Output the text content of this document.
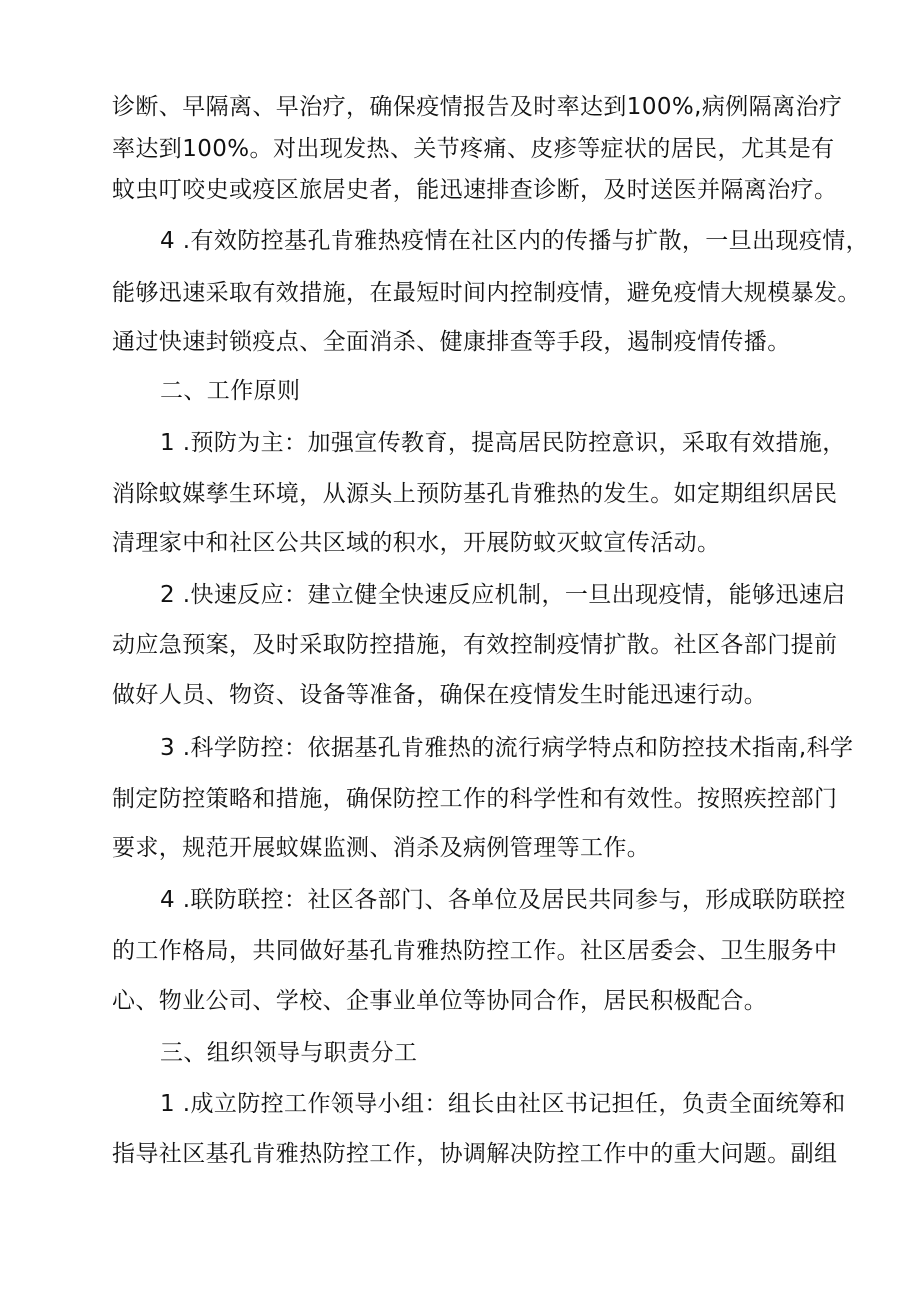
诊断、早隔离、早治疗，确保疫情报告及时率达到100%,病例隔离治疗
率达到100%。对出现发热、关节疼痛、皮疹等症状的居民，尤其是有
蚊虫叮咬史或疫区旅居史者，能迅速排查诊断，及时送医并隔离治疗。
4 .有效防控基孔肯雅热疫情在社区内的传播与扩散，一旦出现疫情，
能够迅速采取有效措施，在最短时间内控制疫情，避免疫情大规模暴发。
通过快速封锁疫点、全面消杀、健康排查等手段，遏制疫情传播。
二、工作原则
1 .预防为主：加强宣传教育，提高居民防控意识，采取有效措施，
消除蚊媒孳生环境，从源头上预防基孔肯雅热的发生。如定期组织居民
清理家中和社区公共区域的积水，开展防蚊灭蚊宣传活动。
2 .快速反应：建立健全快速反应机制，一旦出现疫情，能够迅速启
动应急预案，及时采取防控措施，有效控制疫情扩散。社区各部门提前
做好人员、物资、设备等准备，确保在疫情发生时能迅速行动。
3 .科学防控：依据基孔肯雅热的流行病学特点和防控技术指南,科学
制定防控策略和措施，确保防控工作的科学性和有效性。按照疾控部门
要求，规范开展蚊媒监测、消杀及病例管理等工作。
4 .联防联控：社区各部门、各单位及居民共同参与，形成联防联控
的工作格局，共同做好基孔肯雅热防控工作。社区居委会、卫生服务中
心、物业公司、学校、企事业单位等协同合作，居民积极配合。
三、组织领导与职责分工
1 .成立防控工作领导小组：组长由社区书记担任，负责全面统筹和
指导社区基孔肯雅热防控工作，协调解决防控工作中的重大问题。副组
